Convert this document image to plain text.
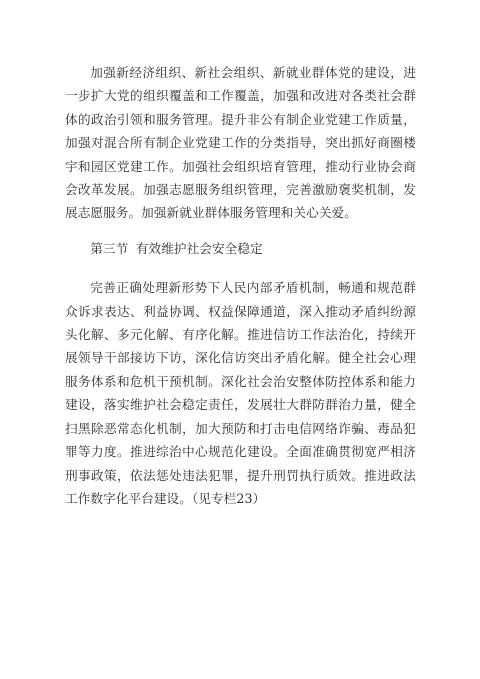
加强新经济组织、新社会组织、新就业群体党的建设，进一步扩大党的组织覆盖和工作覆盖，加强和改进对各类社会群体的政治引领和服务管理。提升非公有制企业党建工作质量，加强对混合所有制企业党建工作的分类指导，突出抓好商圈楼宇和园区党建工作。加强社会组织培育管理，推动行业协会商会改革发展。加强志愿服务组织管理，完善激励褒奖机制，发展志愿服务。加强新就业群体服务管理和关心关爱。

第三节 有效维护社会安全稳定

完善正确处理新形势下人民内部矛盾机制，畅通和规范群众诉求表达、利益协调、权益保障通道，深入推动矛盾纠纷源头化解、多元化解、有序化解。推进信访工作法治化，持续开展领导干部接访下访，深化信访突出矛盾化解。健全社会心理服务体系和危机干预机制。深化社会治安整体防控体系和能力建设，落实维护社会稳定责任，发展壮大群防群治力量，健全扫黑除恶常态化机制，加大预防和打击电信网络诈骗、毒品犯罪等力度。推进综治中心规范化建设。全面准确贯彻宽严相济刑事政策，依法惩处违法犯罪，提升刑罚执行质效。推进政法工作数字化平台建设。（见专栏23）
